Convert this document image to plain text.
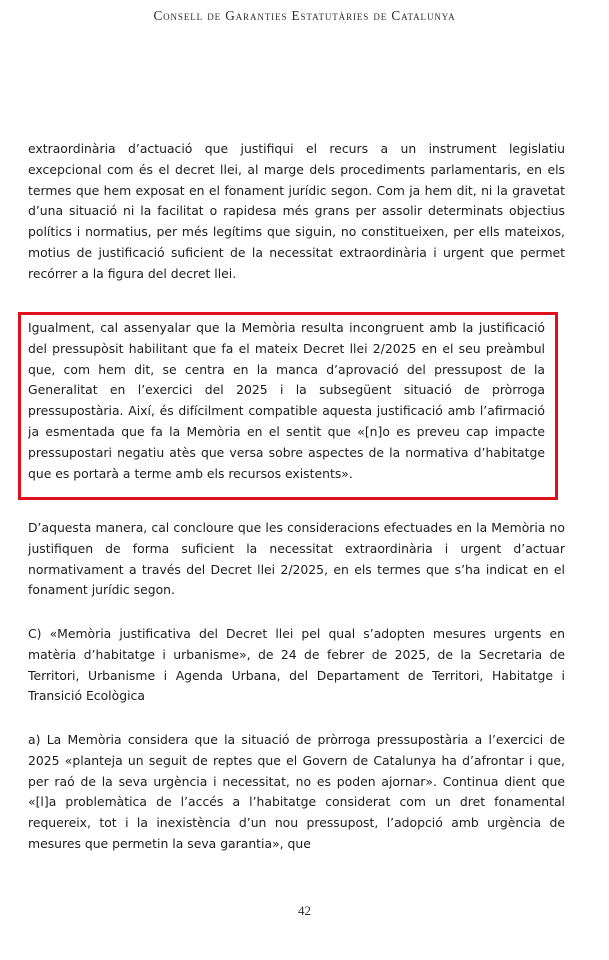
Consell de Garanties Estatutàries de Catalunya

extraordinària d’actuació que justifiqui el recurs a un instrument legislatiu excepcional com és el decret llei, al marge dels procediments parlamentaris, en els termes que hem exposat en el fonament jurídic segon. Com ja hem dit, ni la gravetat d’una situació ni la facilitat o rapidesa més grans per assolir determinats objectius polítics i normatius, per més legítims que siguin, no constitueixen, per ells mateixos, motius de justificació suficient de la necessitat extraordinària i urgent que permet recórrer a la figura del decret llei.

Igualment, cal assenyalar que la Memòria resulta incongruent amb la justificació del pressupòsit habilitant que fa el mateix Decret llei 2/2025 en el seu preàmbul que, com hem dit, se centra en la manca d’aprovació del pressupost de la Generalitat en l’exercici del 2025 i la subsegüent situació de pròrroga pressupostària. Així, és difícilment compatible aquesta justificació amb l’afirmació ja esmentada que fa la Memòria en el sentit que «[n]o es preveu cap impacte pressupostari negatiu atès que versa sobre aspectes de la normativa d’habitatge que es portarà a terme amb els recursos existents».

D’aquesta manera, cal concloure que les consideracions efectuades en la Memòria no justifiquen de forma suficient la necessitat extraordinària i urgent d’actuar normativament a través del Decret llei 2/2025, en els termes que s’ha indicat en el fonament jurídic segon.

C) «Memòria justificativa del Decret llei pel qual s’adopten mesures urgents en matèria d’habitatge i urbanisme», de 24 de febrer de 2025, de la Secretaria de Territori, Urbanisme i Agenda Urbana, del Departament de Territori, Habitatge i Transició Ecològica

a) La Memòria considera que la situació de pròrroga pressupostària a l’exercici de 2025 «planteja un seguit de reptes que el Govern de Catalunya ha d’afrontar i que, per raó de la seva urgència i necessitat, no es poden ajornar». Continua dient que «[l]a problemàtica de l’accés a l’habitatge considerat com un dret fonamental requereix, tot i la inexistència d’un nou pressupost, l’adopció amb urgència de mesures que permetin la seva garantia», que

42
